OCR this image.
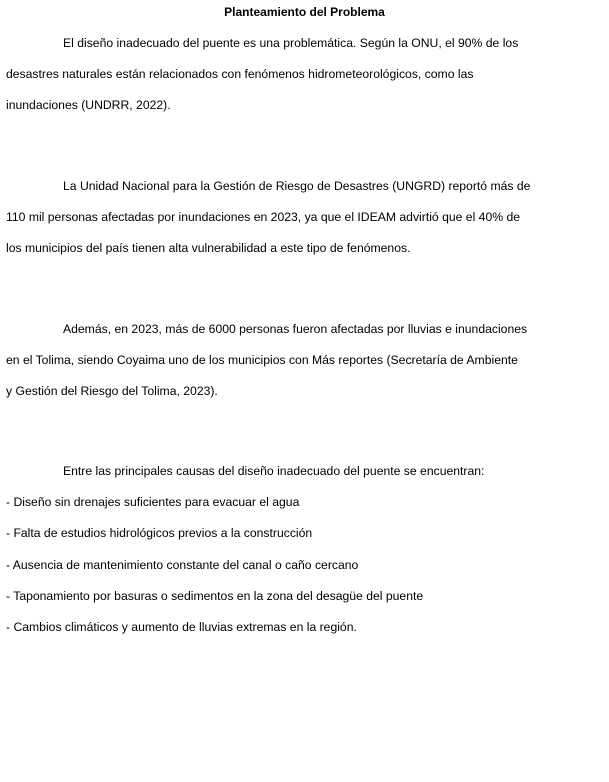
Planteamiento del Problema
El diseño inadecuado del puente es una problemática. Según la ONU, el 90% de los
desastres naturales están relacionados con fenómenos hidrometeorológicos, como las
inundaciones (UNDRR, 2022).
La Unidad Nacional para la Gestión de Riesgo de Desastres (UNGRD) reportó más de
110 mil personas afectadas por inundaciones en 2023, ya que el IDEAM advirtió que el 40% de
los municipios del país tienen alta vulnerabilidad a este tipo de fenómenos.
Además, en 2023, más de 6000 personas fueron afectadas por lluvias e inundaciones
en el Tolima, siendo Coyaima uno de los municipios con Más reportes (Secretaría de Ambiente
y Gestión del Riesgo del Tolima, 2023).
Entre las principales causas del diseño inadecuado del puente se encuentran:
- Diseño sin drenajes suficientes para evacuar el agua
- Falta de estudios hidrológicos previos a la construcción
- Ausencia de mantenimiento constante del canal o caño cercano
- Taponamiento por basuras o sedimentos en la zona del desagüe del puente
- Cambios climáticos y aumento de lluvias extremas en la región.
